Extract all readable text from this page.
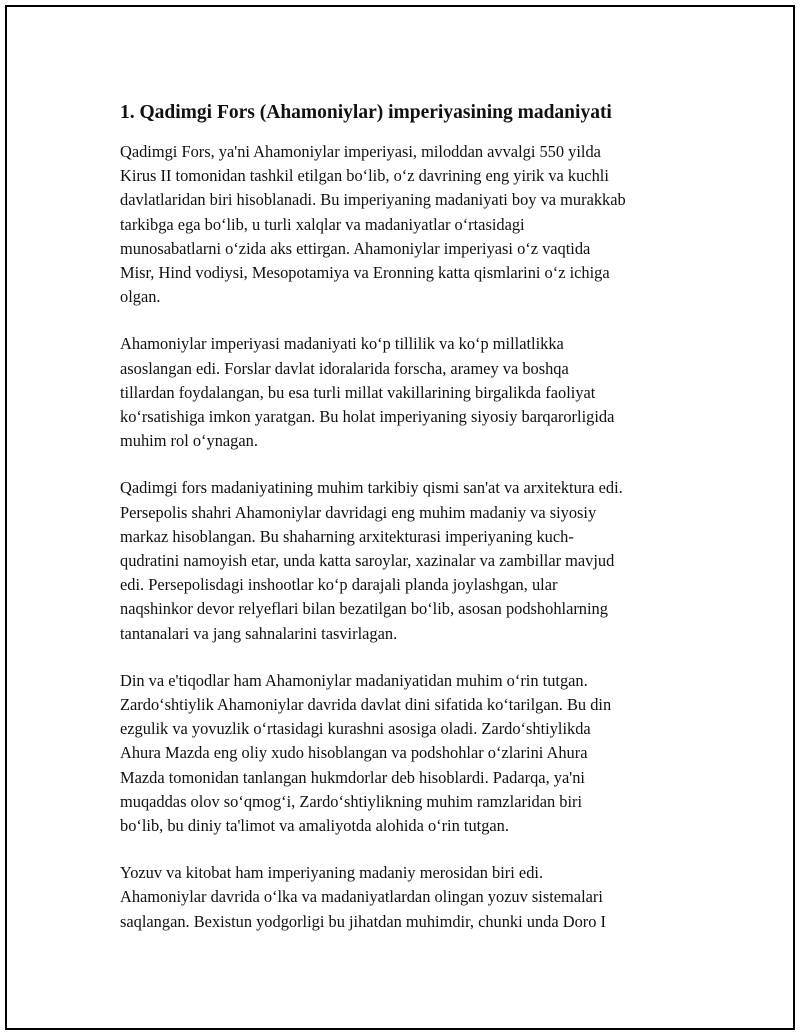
1. Qadimgi Fors (Ahamoniylar) imperiyasining madaniyati
Qadimgi Fors, ya'ni Ahamoniylar imperiyasi, miloddan avvalgi 550 yilda
Kirus II tomonidan tashkil etilgan bo‘lib, o‘z davrining eng yirik va kuchli
davlatlaridan biri hisoblanadi. Bu imperiyaning madaniyati boy va murakkab
tarkibga ega bo‘lib, u turli xalqlar va madaniyatlar o‘rtasidagi
munosabatlarni o‘zida aks ettirgan. Ahamoniylar imperiyasi o‘z vaqtida
Misr, Hind vodiysi, Mesopotamiya va Eronning katta qismlarini o‘z ichiga
olgan.
Ahamoniylar imperiyasi madaniyati ko‘p tillilik va ko‘p millatlikka
asoslangan edi. Forslar davlat idoralarida forscha, aramey va boshqa
tillardan foydalangan, bu esa turli millat vakillarining birgalikda faoliyat
ko‘rsatishiga imkon yaratgan. Bu holat imperiyaning siyosiy barqarorligida
muhim rol o‘ynagan.
Qadimgi fors madaniyatining muhim tarkibiy qismi san'at va arxitektura edi.
Persepolis shahri Ahamoniylar davridagi eng muhim madaniy va siyosiy
markaz hisoblangan. Bu shaharning arxitekturasi imperiyaning kuch-
qudratini namoyish etar, unda katta saroylar, xazinalar va zambillar mavjud
edi. Persepolisdagi inshootlar ko‘p darajali planda joylashgan, ular
naqshinkor devor relyeflari bilan bezatilgan bo‘lib, asosan podshohlarning
tantanalari va jang sahnalarini tasvirlagan.
Din va e'tiqodlar ham Ahamoniylar madaniyatidan muhim o‘rin tutgan.
Zardo‘shtiylik Ahamoniylar davrida davlat dini sifatida ko‘tarilgan. Bu din
ezgulik va yovuzlik o‘rtasidagi kurashni asosiga oladi. Zardo‘shtiylikda
Ahura Mazda eng oliy xudo hisoblangan va podshohlar o‘zlarini Ahura
Mazda tomonidan tanlangan hukmdorlar deb hisoblardi. Padarqa, ya'ni
muqaddas olov so‘qmog‘i, Zardo‘shtiylikning muhim ramzlaridan biri
bo‘lib, bu diniy ta'limot va amaliyotda alohida o‘rin tutgan.
Yozuv va kitobat ham imperiyaning madaniy merosidan biri edi.
Ahamoniylar davrida o‘lka va madaniyatlardan olingan yozuv sistemalari
saqlangan. Bexistun yodgorligi bu jihatdan muhimdir, chunki unda Doro I
